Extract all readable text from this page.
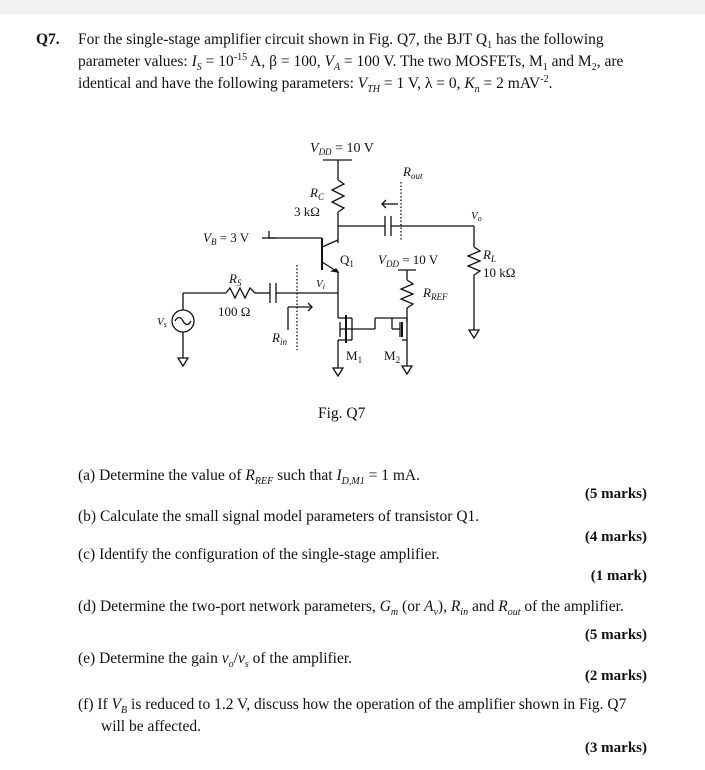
Q7. For the single-stage amplifier circuit shown in Fig. Q7, the BJT $Q_1$ has the following
parameter values: $I_S = 10^{-15}$ A, β = 100, $V_A = 100$ V. The two MOSFETs, $M_1$ and $M_2$, are
identical and have the following parameters: $V_{TH} = 1$ V, λ = 0, $K_n = 2$ mAV$^{-2}$.
$V_{DD} = 10$ V
$R_C$
3 kΩ
$R_{out}$
Vo
$R_L$
10 kΩ
$V_B = 3$ V
$Q_1$ $V_{DD} = 10$ V
$R_{REF}$
Vs
$R_S$
100 Ω
Vi
$R_{in}$
$M_1$ $M_2$
Fig. Q7
(a) Determine the value of $R_{REF}$ such that $I_{D,M1} = 1$ mA.
(5 marks)
(b) Calculate the small signal model parameters of transistor Q1.
(4 marks)
(c) Identify the configuration of the single-stage amplifier.
(1 mark)
(d) Determine the two-port network parameters, $G_m$ (or $A_v$), $R_{in}$ and $R_{out}$ of the amplifier.
(5 marks)
(e) Determine the gain $v_o/v_s$ of the amplifier.
(2 marks)
(f) If $V_B$ is reduced to 1.2 V, discuss how the operation of the amplifier shown in Fig. Q7
will be affected.
(3 marks)
